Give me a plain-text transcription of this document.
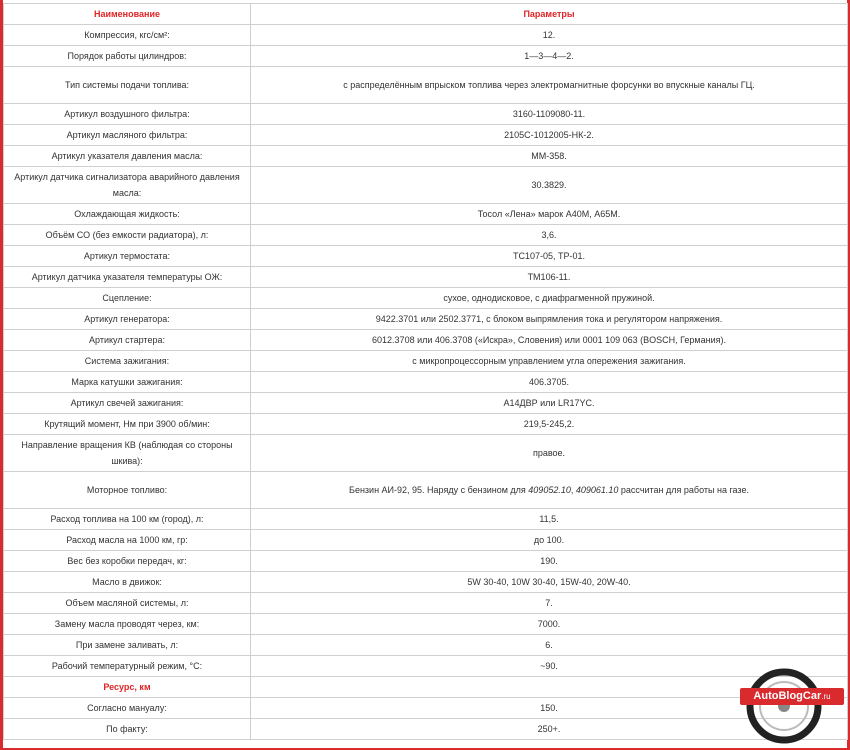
Наименование	Параметры
Компрессия, кгс/см²:	12.
Порядок работы цилиндров:	1—3—4—2.
Тип системы подачи топлива:	с распределённым впрыском топлива через электромагнитные форсунки во впускные каналы ГЦ.
Артикул воздушного фильтра:	3160-1109080-11.
Артикул масляного фильтра:	2105С-1012005-НК-2.
Артикул указателя давления масла:	ММ-358.
Артикул датчика сигнализатора аварийного давления масла:	30.3829.
Охлаждающая жидкость:	Тосол «Лена» марок А40М, А65М.
Объём СО (без емкости радиатора), л:	3,6.
Артикул термостата:	ТС107-05, ТР-01.
Артикул датчика указателя температуры ОЖ:	ТМ106-11.
Сцепление:	сухое, однодисковое, с диафрагменной пружиной.
Артикул генератора:	9422.3701 или 2502.3771, с блоком выпрямления тока и регулятором напряжения.
Артикул стартера:	6012.3708 или 406.3708 («Искра», Словения) или 0001 109 063 (BOSCH, Германия).
Система зажигания:	с микропроцессорным управлением угла опережения зажигания.
Марка катушки зажигания:	406.3705.
Артикул свечей зажигания:	А14ДВР или LR17YC.
Крутящий момент, Нм при 3900 об/мин:	219,5-245,2.
Направление вращения КВ (наблюдая со стороны шкива):	правое.
Моторное топливо:	Бензин АИ-92, 95. Наряду с бензином для 409052.10, 409061.10 рассчитан для работы на газе.
Расход топлива на 100 км (город), л:	11,5.
Расход масла на 1000 км, гр:	до 100.
Вес без коробки передач, кг:	190.
Масло в движок:	5W 30-40, 10W 30-40, 15W-40, 20W-40.
Объем масляной системы, л:	7.
Замену масла проводят через, км:	7000.
При замене заливать, л:	6.
Рабочий температурный режим, °С:	~90.
Ресурс, км	
Согласно мануалу:	150.
По факту:	250+.
AutoBlogCar.ru
